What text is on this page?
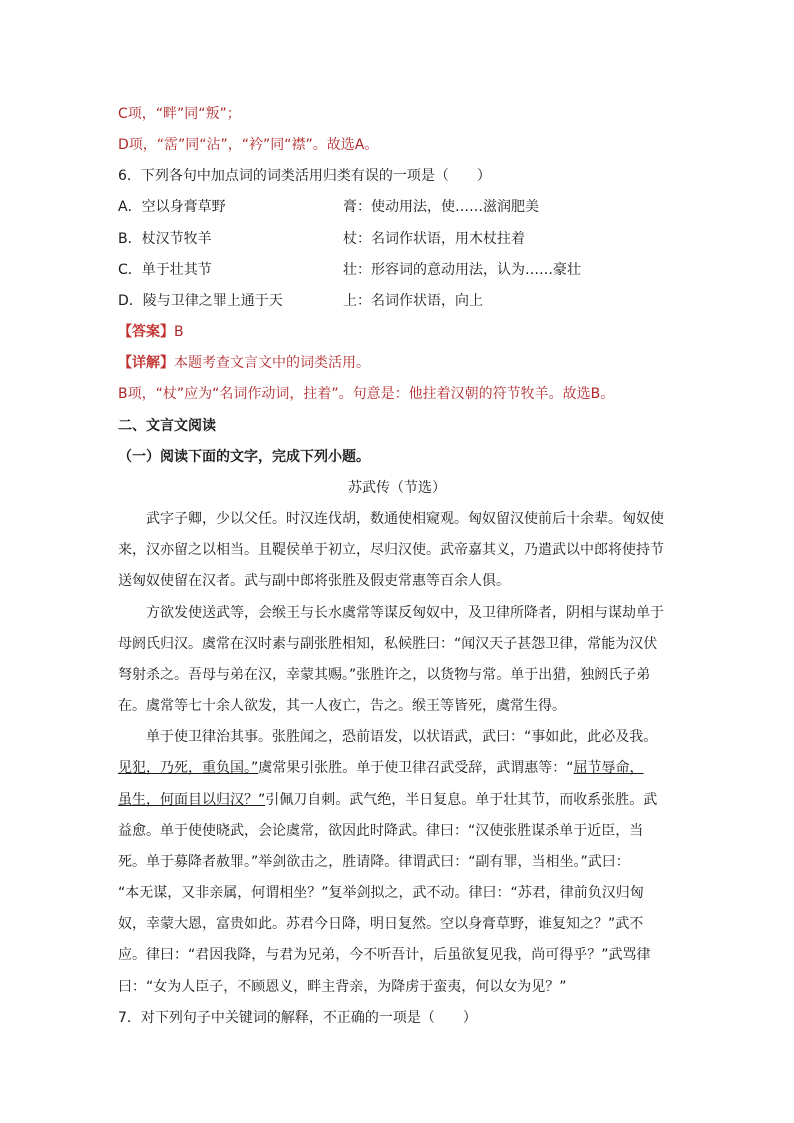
C项，“畔”同“叛”；
D项，“霑”同“沾”，“衿”同“襟”。故选A。
6．下列各句中加点词的词类活用归类有误的一项是（　　）
A．空以身膏草野	膏：使动用法，使……滋润肥美
B．杖汉节牧羊	杖：名词作状语，用木杖拄着
C．单于壮其节	壮：形容词的意动用法，认为……豪壮
D．陵与卫律之罪上通于天	上：名词作状语，向上
【答案】B
【详解】本题考查文言文中的词类活用。
B项，“杖”应为“名词作动词，拄着”。句意是：他拄着汉朝的符节牧羊。故选B。
二、文言文阅读
（一）阅读下面的文字，完成下列小题。
苏武传（节选）
武字子卿，少以父任。时汉连伐胡，数通使相窥观。匈奴留汉使前后十余辈。匈奴使
来，汉亦留之以相当。且鞮侯单于初立，尽归汉使。武帝嘉其义，乃遣武以中郎将使持节
送匈奴使留在汉者。武与副中郎将张胜及假吏常惠等百余人俱。
方欲发使送武等，会缑王与长水虞常等谋反匈奴中，及卫律所降者，阴相与谋劫单于
母阏氏归汉。虞常在汉时素与副张胜相知，私候胜曰：“闻汉天子甚怨卫律，常能为汉伏
弩射杀之。吾母与弟在汉，幸蒙其赐。”张胜许之，以货物与常。单于出猎，独阏氏子弟
在。虞常等七十余人欲发，其一人夜亡，告之。缑王等皆死，虞常生得。
单于使卫律治其事。张胜闻之，恐前语发，以状语武，武曰：“事如此，此必及我。
见犯，乃死，重负国。”虞常果引张胜。单于使卫律召武受辞，武谓惠等：“屈节辱命，
虽生，何面目以归汉？”引佩刀自刺。武气绝，半日复息。单于壮其节，而收系张胜。武
益愈。单于使使晓武，会论虞常，欲因此时降武。律曰：“汉使张胜谋杀单于近臣，当
死。单于募降者赦罪。”举剑欲击之，胜请降。律谓武曰：“副有罪，当相坐。”武曰：
“本无谋，又非亲属，何谓相坐？”复举剑拟之，武不动。律曰：“苏君，律前负汉归匈
奴，幸蒙大恩，富贵如此。苏君今日降，明日复然。空以身膏草野，谁复知之？”武不
应。律曰：“君因我降，与君为兄弟，今不听吾计，后虽欲复见我，尚可得乎？”武骂律
曰：“女为人臣子，不顾恩义，畔主背亲，为降虏于蛮夷，何以女为见？”
7．对下列句子中关键词的解释，不正确的一项是（　　）
